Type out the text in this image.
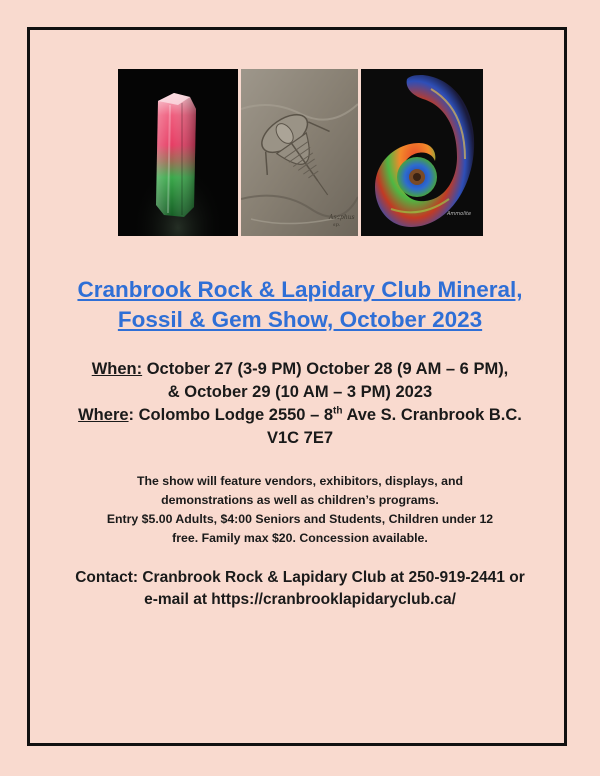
Asaphus
sp.
Ammolite
Cranbrook Rock & Lapidary Club Mineral,
Fossil & Gem Show, October 2023
When: October 27 (3-9 PM) October 28 (9 AM – 6 PM),
& October 29 (10 AM – 3 PM) 2023
Where: Colombo Lodge 2550 – 8th Ave S. Cranbrook B.C.
V1C 7E7
The show will feature vendors, exhibitors, displays, and
demonstrations as well as children’s programs.
Entry $5.00 Adults, $4:00 Seniors and Students, Children under 12
free. Family max $20. Concession available.
Contact: Cranbrook Rock & Lapidary Club at 250-919-2441 or
e-mail at https://cranbrooklapidaryclub.ca/
